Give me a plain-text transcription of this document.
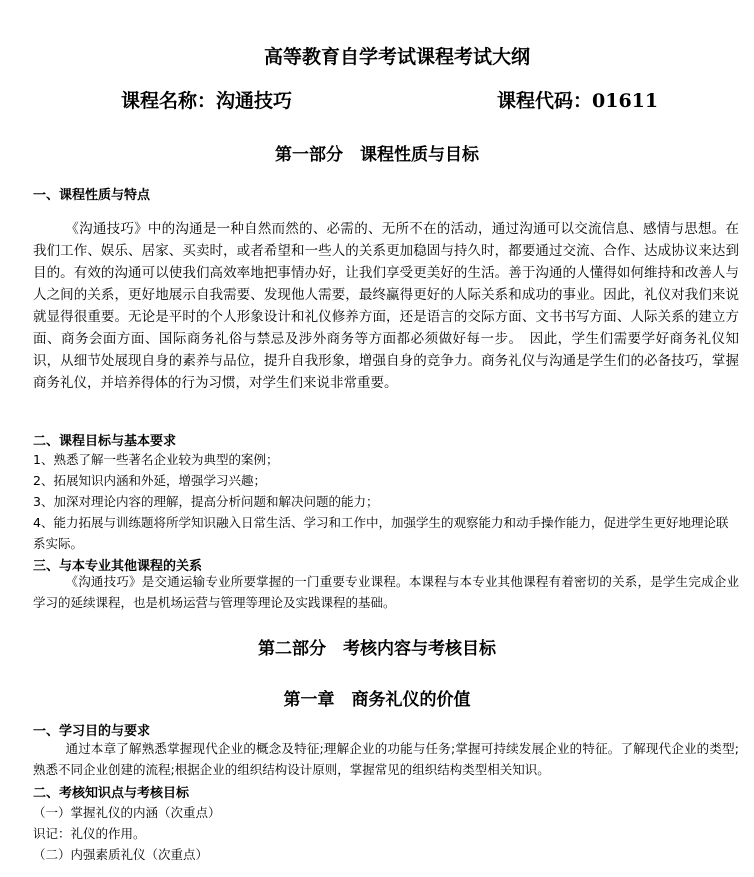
高等教育自学考试课程考试大纲
课程名称：沟通技巧	课程代码：01611
第一部分　课程性质与目标
一、课程性质与特点
《沟通技巧》中的沟通是一种自然而然的、必需的、无所不在的活动，通过沟通可以交流信息、感情与思想。在我们工作、娱乐、居家、买卖时，或者希望和一些人的关系更加稳固与持久时，都要通过交流、合作、达成协议来达到目的。有效的沟通可以使我们高效率地把事情办好，让我们享受更美好的生活。善于沟通的人懂得如何维持和改善人与人之间的关系，更好地展示自我需要、发现他人需要，最终赢得更好的人际关系和成功的事业。因此，礼仪对我们来说就显得很重要。无论是平时的个人形象设计和礼仪修养方面，还是语言的交际方面、文书书写方面、人际关系的建立方面、商务会面方面、国际商务礼俗与禁忌及涉外商务等方面都必须做好每一步。　因此，学生们需要学好商务礼仪知识，从细节处展现自身的素养与品位，提升自我形象，增强自身的竞争力。商务礼仪与沟通是学生们的必备技巧，掌握商务礼仪，并培养得体的行为习惯，对学生们来说非常重要。
二、课程目标与基本要求
1、熟悉了解一些著名企业较为典型的案例；
2、拓展知识内涵和外延，增强学习兴趣；
3、加深对理论内容的理解，提高分析问题和解决问题的能力；
4、能力拓展与训练题将所学知识融入日常生活、学习和工作中，加强学生的观察能力和动手操作能力，促进学生更好地理论联系实际。
三、与本专业其他课程的关系
《沟通技巧》是交通运输专业所要掌握的一门重要专业课程。本课程与本专业其他课程有着密切的关系，是学生完成企业学习的延续课程，也是机场运营与管理等理论及实践课程的基础。
第二部分　考核内容与考核目标
第一章　商务礼仪的价值
一、学习目的与要求
通过本章了解熟悉掌握现代企业的概念及特征;理解企业的功能与任务;掌握可持续发展企业的特征。了解现代企业的类型;熟悉不同企业创建的流程;根据企业的组织结构设计原则，掌握常见的组织结构类型相关知识。
二、考核知识点与考核目标
（一）掌握礼仪的内涵（次重点）
识记：礼仪的作用。
（二）内强素质礼仪（次重点）
